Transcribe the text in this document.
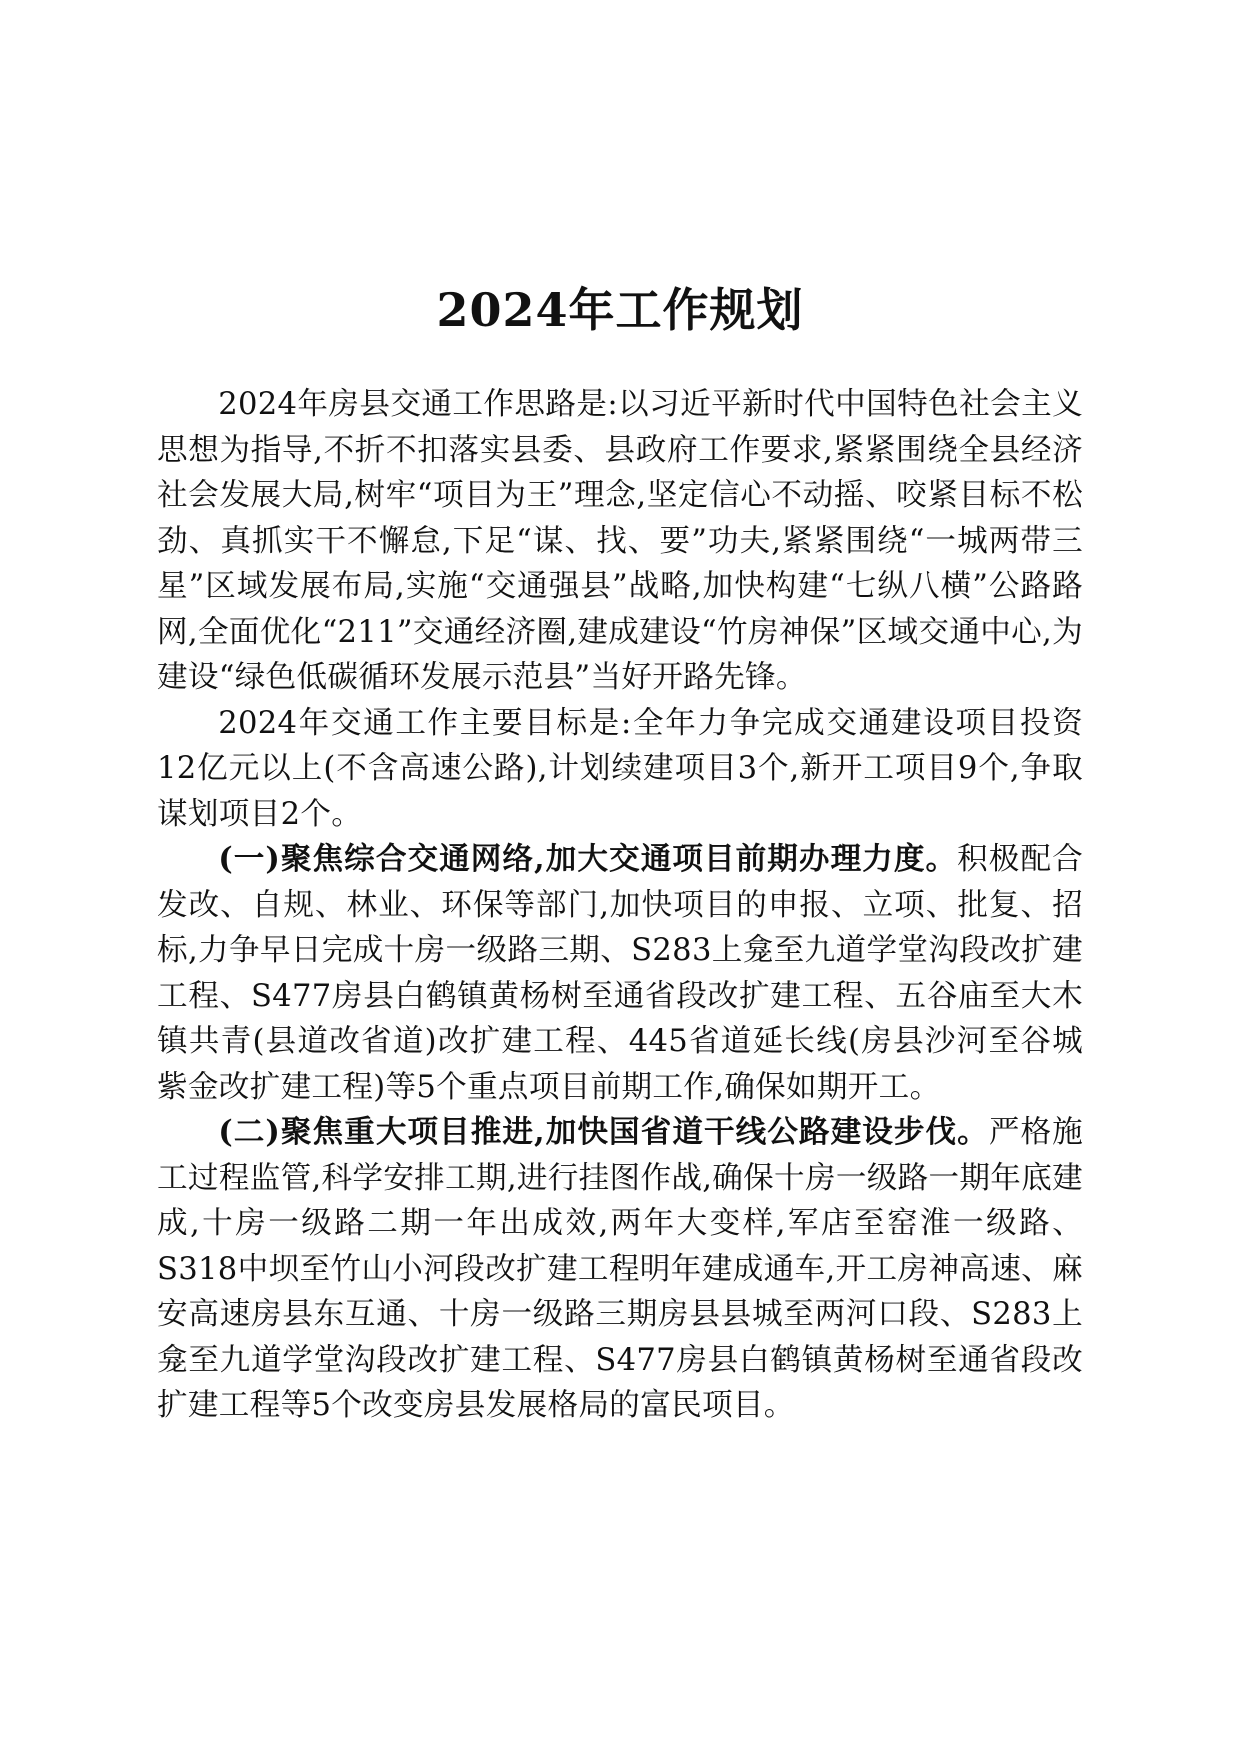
2024年工作规划

2024年房县交通工作思路是:以习近平新时代中国特色社会主义思想为指导,不折不扣落实县委、县政府工作要求,紧紧围绕全县经济社会发展大局,树牢“项目为王”理念,坚定信心不动摇、咬紧目标不松劲、真抓实干不懈怠,下足“谋、找、要”功夫,紧紧围绕“一城两带三星”区域发展布局,实施“交通强县”战略,加快构建“七纵八横”公路路网,全面优化“211”交通经济圈,建成建设“竹房神保”区域交通中心,为建设“绿色低碳循环发展示范县”当好开路先锋。

2024年交通工作主要目标是:全年力争完成交通建设项目投资12亿元以上(不含高速公路),计划续建项目3个,新开工项目9个,争取谋划项目2个。

(一)聚焦综合交通网络,加大交通项目前期办理力度。积极配合发改、自规、林业、环保等部门,加快项目的申报、立项、批复、招标,力争早日完成十房一级路三期、S283上龛至九道学堂沟段改扩建工程、S477房县白鹤镇黄杨树至通省段改扩建工程、五谷庙至大木镇共青(县道改省道)改扩建工程、445省道延长线(房县沙河至谷城紫金改扩建工程)等5个重点项目前期工作,确保如期开工。

(二)聚焦重大项目推进,加快国省道干线公路建设步伐。严格施工过程监管,科学安排工期,进行挂图作战,确保十房一级路一期年底建成,十房一级路二期一年出成效,两年大变样,军店至窑淮一级路、S318中坝至竹山小河段改扩建工程明年建成通车,开工房神高速、麻安高速房县东互通、十房一级路三期房县县城至两河口段、S283上龛至九道学堂沟段改扩建工程、S477房县白鹤镇黄杨树至通省段改扩建工程等5个改变房县发展格局的富民项目。
